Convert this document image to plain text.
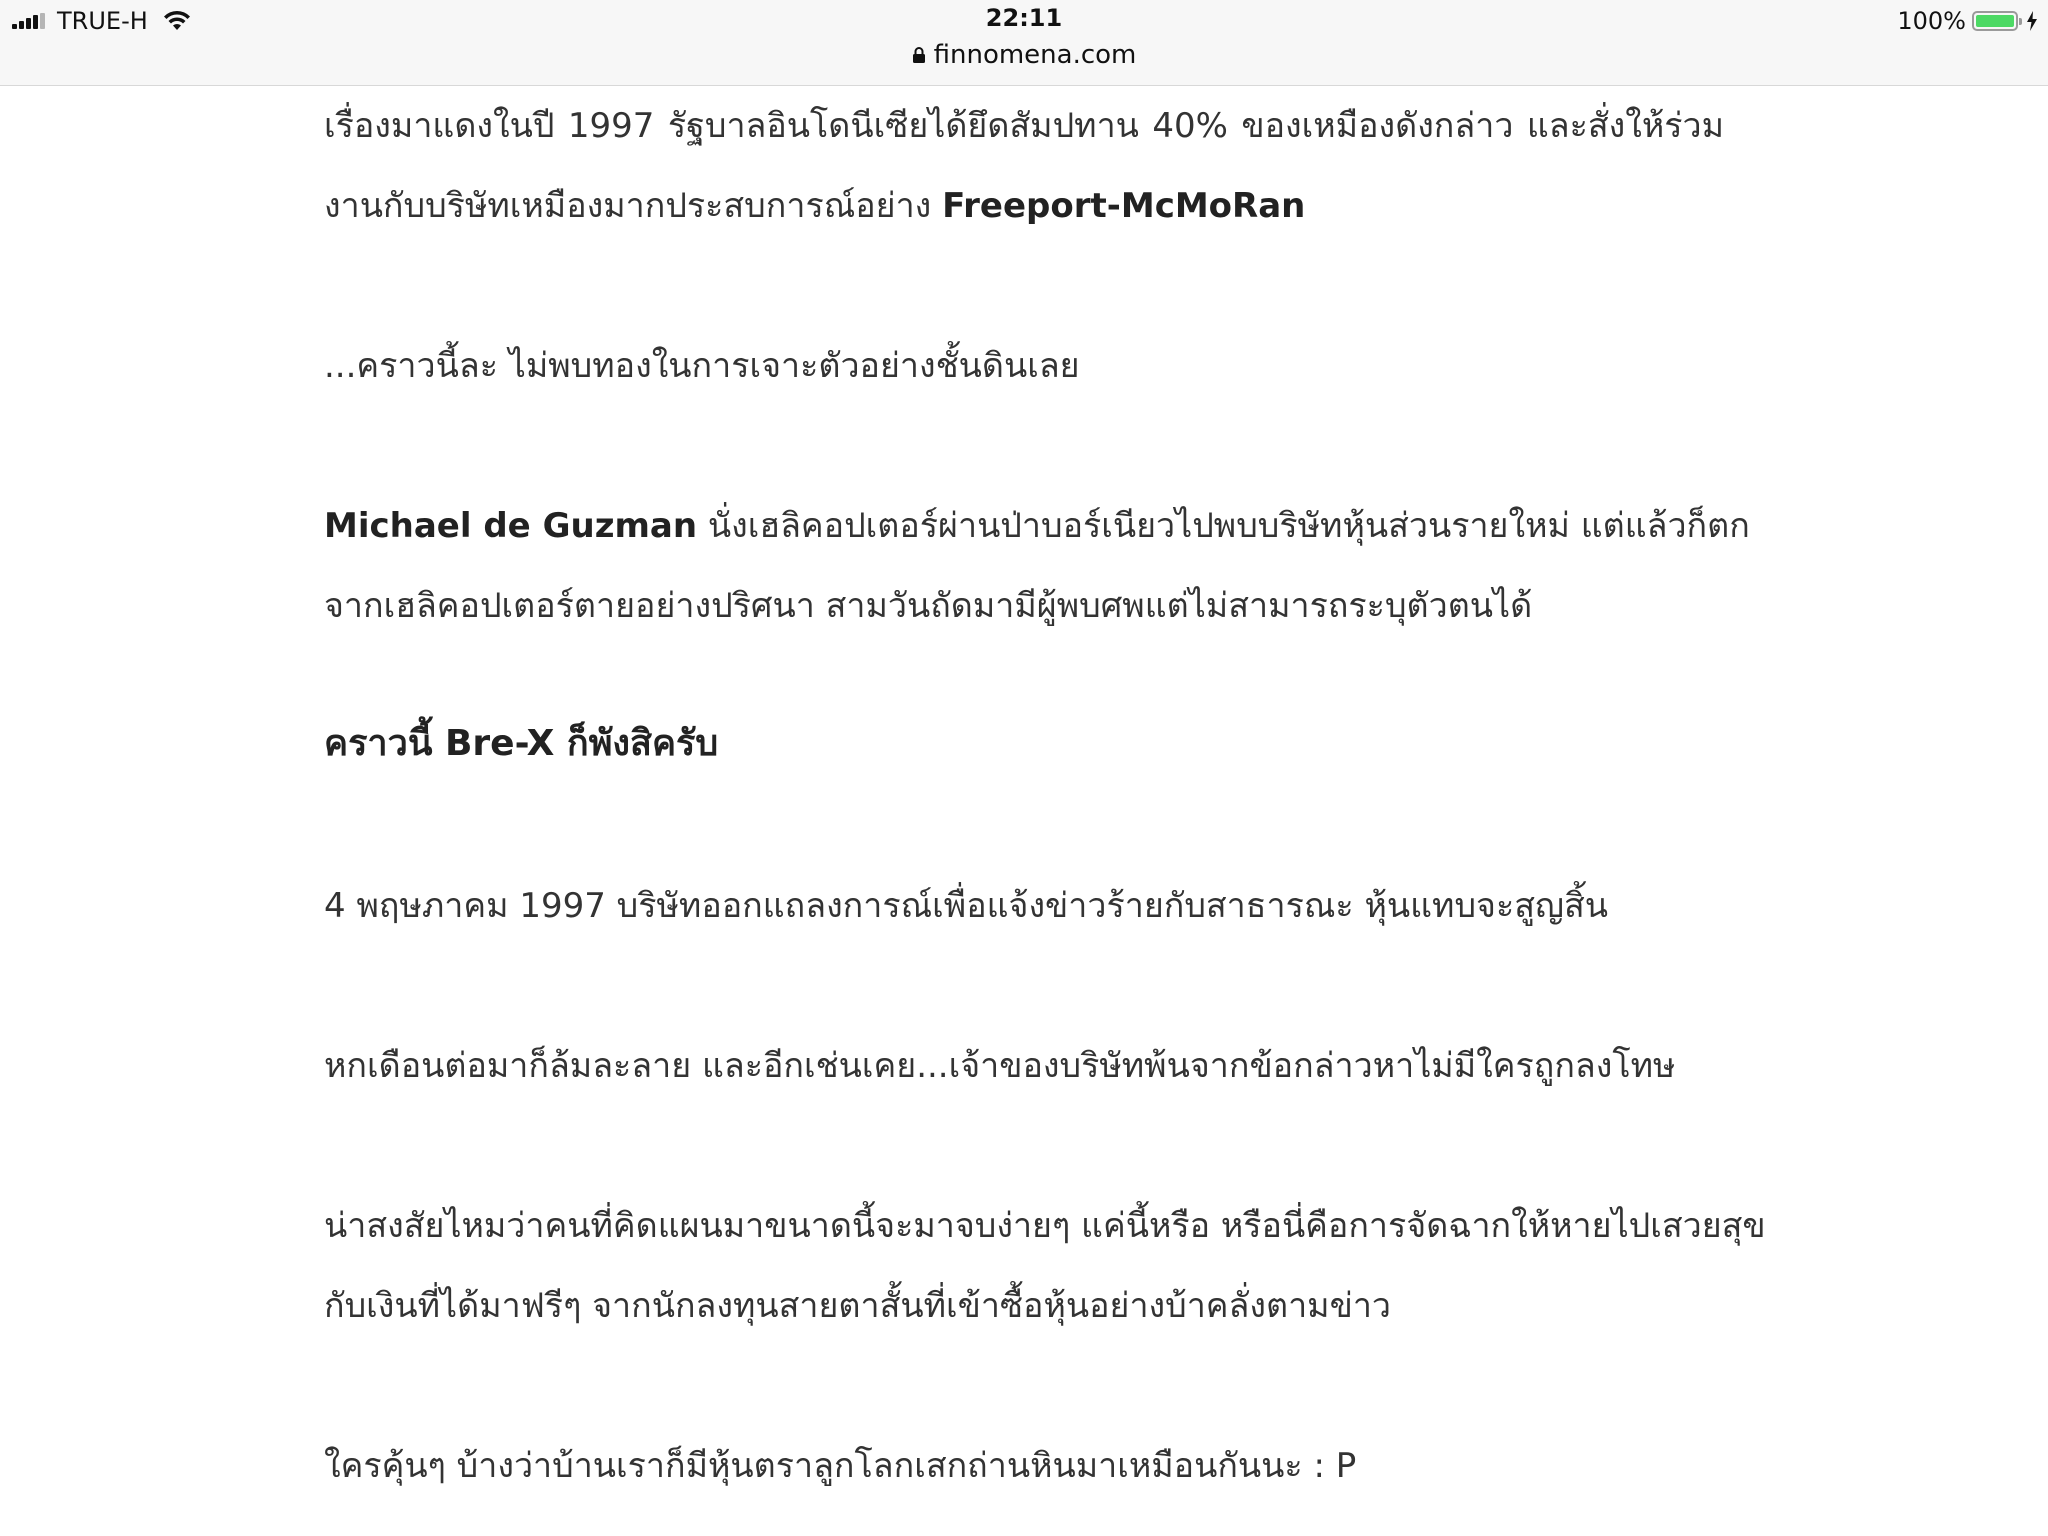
TRUE-H	22:11	100%
finnomena.com

เรื่องมาแดงในปี 1997 รัฐบาลอินโดนีเซียได้ยึดสัมปทาน 40% ของเหมืองดังกล่าว และสั่งให้ร่วม

งานกับบริษัทเหมืองมากประสบการณ์อย่าง Freeport-McMoRan

...คราวนี้ละ ไม่พบทองในการเจาะตัวอย่างชั้นดินเลย

Michael de Guzman นั่งเฮลิคอปเตอร์ผ่านป่าบอร์เนียวไปพบบริษัทหุ้นส่วนรายใหม่ แต่แล้วก็ตก

จากเฮลิคอปเตอร์ตายอย่างปริศนา สามวันถัดมามีผู้พบศพแต่ไม่สามารถระบุตัวตนได้

คราวนี้ Bre-X ก็พังสิครับ

4 พฤษภาคม 1997 บริษัทออกแถลงการณ์เพื่อแจ้งข่าวร้ายกับสาธารณะ หุ้นแทบจะสูญสิ้น

หกเดือนต่อมาก็ล้มละลาย และอีกเช่นเคย...เจ้าของบริษัทพ้นจากข้อกล่าวหาไม่มีใครถูกลงโทษ

น่าสงสัยไหมว่าคนที่คิดแผนมาขนาดนี้จะมาจบง่ายๆ แค่นี้หรือ หรือนี่คือการจัดฉากให้หายไปเสวยสุข

กับเงินที่ได้มาฟรีๆ จากนักลงทุนสายตาสั้นที่เข้าซื้อหุ้นอย่างบ้าคลั่งตามข่าว

ใครคุ้นๆ บ้างว่าบ้านเราก็มีหุ้นตราลูกโลกเสกถ่านหินมาเหมือนกันนะ : P
